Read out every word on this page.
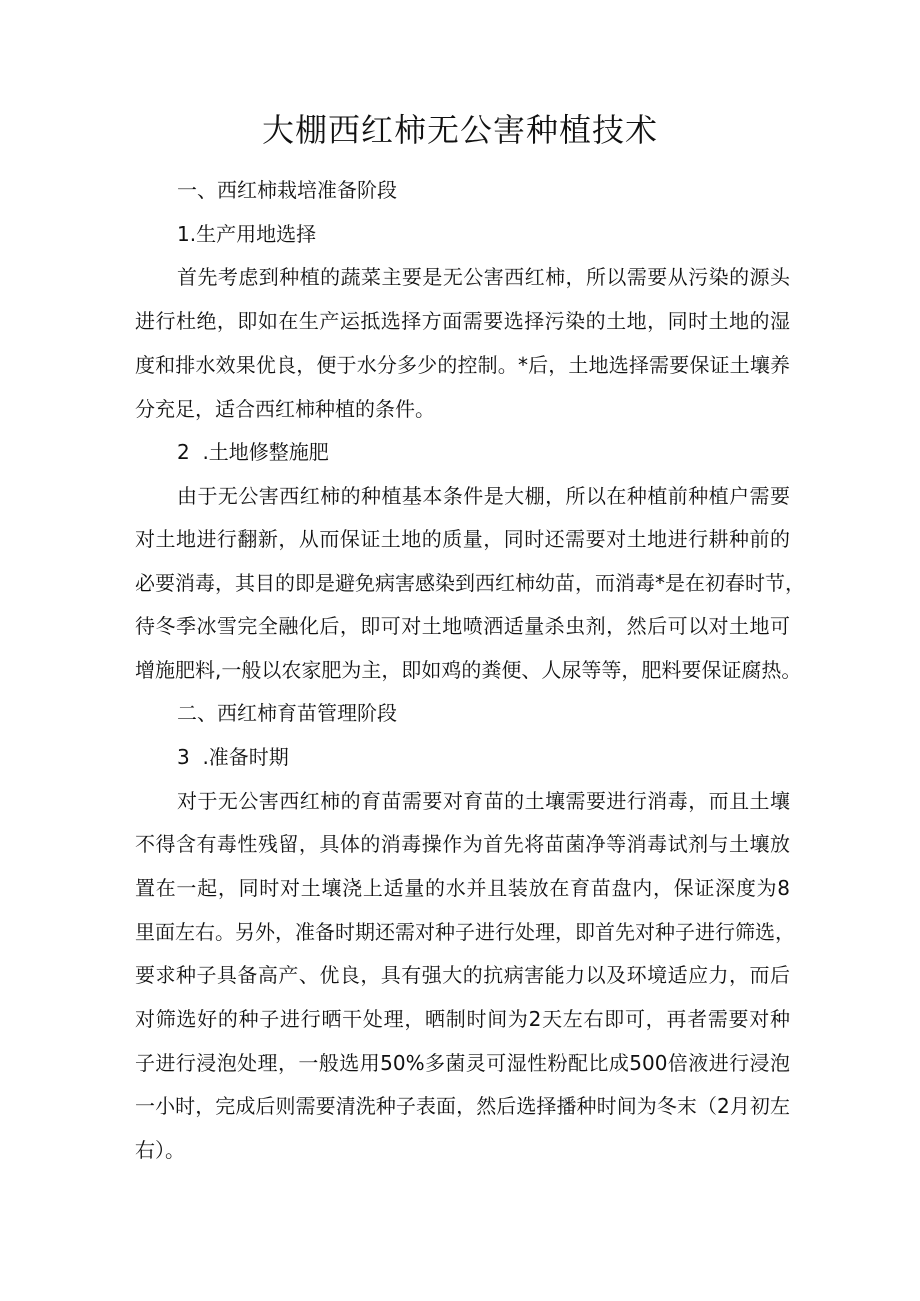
大棚西红柿无公害种植技术
一、西红柿栽培准备阶段
1.生产用地选择
首先考虑到种植的蔬菜主要是无公害西红柿，所以需要从污染的源头
进行杜绝，即如在生产运抵选择方面需要选择污染的土地，同时土地的湿
度和排水效果优良，便于水分多少的控制。*后，土地选择需要保证土壤养
分充足，适合西红柿种植的条件。
2  .土地修整施肥
由于无公害西红柿的种植基本条件是大棚，所以在种植前种植户需要
对土地进行翻新，从而保证土地的质量，同时还需要对土地进行耕种前的
必要消毒，其目的即是避免病害感染到西红柿幼苗，而消毒*是在初春时节，
待冬季冰雪完全融化后，即可对土地喷洒适量杀虫剂，然后可以对土地可
增施肥料,一般以农家肥为主，即如鸡的粪便、人尿等等，肥料要保证腐热。
二、西红柿育苗管理阶段
3  .准备时期
对于无公害西红柿的育苗需要对育苗的土壤需要进行消毒，而且土壤
不得含有毒性残留，具体的消毒操作为首先将苗菌净等消毒试剂与土壤放
置在一起，同时对土壤浇上适量的水并且装放在育苗盘内，保证深度为8
里面左右。另外，准备时期还需对种子进行处理，即首先对种子进行筛选，
要求种子具备高产、优良，具有强大的抗病害能力以及环境适应力，而后
对筛选好的种子进行晒干处理，晒制时间为2天左右即可，再者需要对种
子进行浸泡处理，一般选用50%多菌灵可湿性粉配比成500倍液进行浸泡
一小时，完成后则需要清洗种子表面，然后选择播种时间为冬末（2月初左
右）。
